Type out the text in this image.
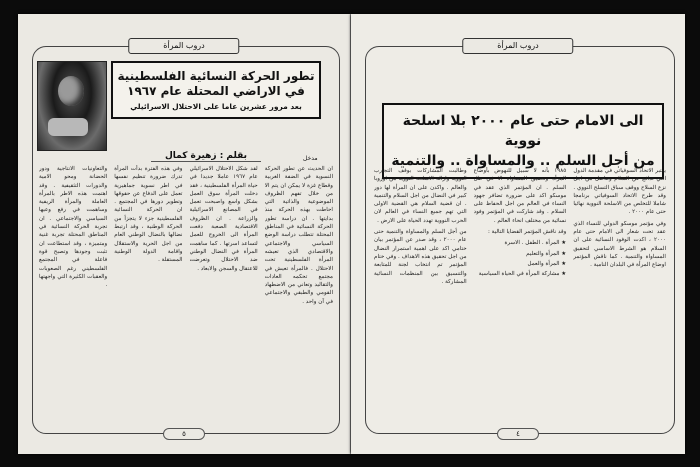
دروب المرأة
تطور الحركة النسائية الفلسطينية
في الاراضي المحتلة عام ١٩٦٧
بعد مرور عشرين عاما على الاحتلال الاسرائيلي
بقلم : زهيرة كمال	مدخل

ان الحديث عن تطور الحركة النسوية في الضفة الغربية وقطاع غزة لا يمكن ان يتم الا من خلال تفهم الظروف الموضوعية والذاتية التي احاطت بهذه الحركة منذ بدايتها . ان دراسة تطور الحركة النسائية في المناطق المحتلة تتطلب دراسة الوضع السياسي والاجتماعي والاقتصادي الذي تعيشه المرأة الفلسطينية تحت الاحتلال . فالمرأة تعيش في مجتمع تحكمه العادات والتقاليد وتعاني من الاضطهاد القومي والطبقي والاجتماعي في آن واحد .

لقد شكل الاحتلال الاسرائيلي عام ١٩٦٧ عاملا جديدا في حياة المرأة الفلسطينية ، فقد دخلت المرأة سوق العمل بشكل واسع واصبحت تعمل في المصانع الاسرائيلية والزراعة . ان الظروف الاقتصادية الصعبة دفعت المرأة الى الخروج للعمل لتساعد اسرتها . كما ساهمت المرأة في النضال الوطني ضد الاحتلال وتعرضت للاعتقال والسجن والابعاد .

وفي هذه الفترة بدأت المرأة تدرك ضرورة تنظيم نفسها في اطر نسوية جماهيرية تعمل على الدفاع عن حقوقها وتطوير دورها في المجتمع . ان الحركة النسائية الفلسطينية جزء لا يتجزأ من الحركة الوطنية ، وقد ارتبط نضالها بالنضال الوطني العام من اجل الحرية والاستقلال واقامة الدولة الوطنية المستقلة .

والتعاونيات الانتاجية ودور الحضانة ومحو الامية والدورات التثقيفية . وقد اهتمت هذه الاطر بالمرأة العاملة والمرأة الريفية وساهمت في رفع وعيها السياسي والاجتماعي . ان تجربة الحركة النسائية في المناطق المحتلة تجربة غنية ومتميزة ، وقد استطاعت ان تثبت وجودها وتصبح قوة فاعلة في المجتمع الفلسطيني رغم الصعوبات والعقبات الكثيرة التي واجهتها .

٥
دروب المرأة
الى الامام حتى عام ٢٠٠٠ بلا اسلحة نووية
من أجل السلم .. والمساواة .. والتنمية

يعتبر الاتحاد السوفياتي في مقدمة الدول التي تدافع عن السلام وتناضل من اجل نزع السلاح ووقف سباق التسلح النووي . وقد طرح الاتحاد السوفياتي برنامجا شاملا للتخلص من الاسلحة النووية نهائيا حتى عام ٢٠٠٠ .

وفي مؤتمر موسكو الدولي للنساء الذي عقد تحت شعار الى الامام حتى عام ٢٠٠٠ ، اكدت الوفود النسائية على ان السلام هو الشرط الاساسي لتحقيق المساواة والتنمية . كما ناقش المؤتمر اوضاع المرأة في البلدان النامية .

١٩٨٥ بأنه لا سبيل للنهوض بأوضاع المرأة وتحقيق المساواة الا في ظل السلم . ان المؤتمر الذي عقد في موسكو اكد على ضرورة تضافر جهود النساء في العالم من اجل الحفاظ على السلام . وقد شاركت في المؤتمر وفود نسائية من مختلف انحاء العالم .

وقد ناقش المؤتمر القضايا التالية :

★ المرأة . الطفل . الاسرة
★ المرأة والتعليم
★ المرأة والعمل
★ مشاركة المرأة في الحياة السياسية

وطالبت المشاركات بوقف التجارب النووية وازالة الاسلحة النووية من اوروبا والعالم . واكدن على ان المرأة لها دور كبير في النضال من اجل السلام والتنمية . ان قضية السلام هي القضية الاولى التي تهم جميع النساء في العالم لان الحرب النووية تهدد الحياة على الارض .

من أجل السلم والمساواة والتنمية حتى عام ٢٠٠٠ ، وقد صدر عن المؤتمر بيان ختامي اكد على اهمية استمرار النضال من اجل تحقيق هذه الاهداف . وفي ختام المؤتمر تم انتخاب لجنة للمتابعة والتنسيق بين المنظمات النسائية المشاركة .

٤
